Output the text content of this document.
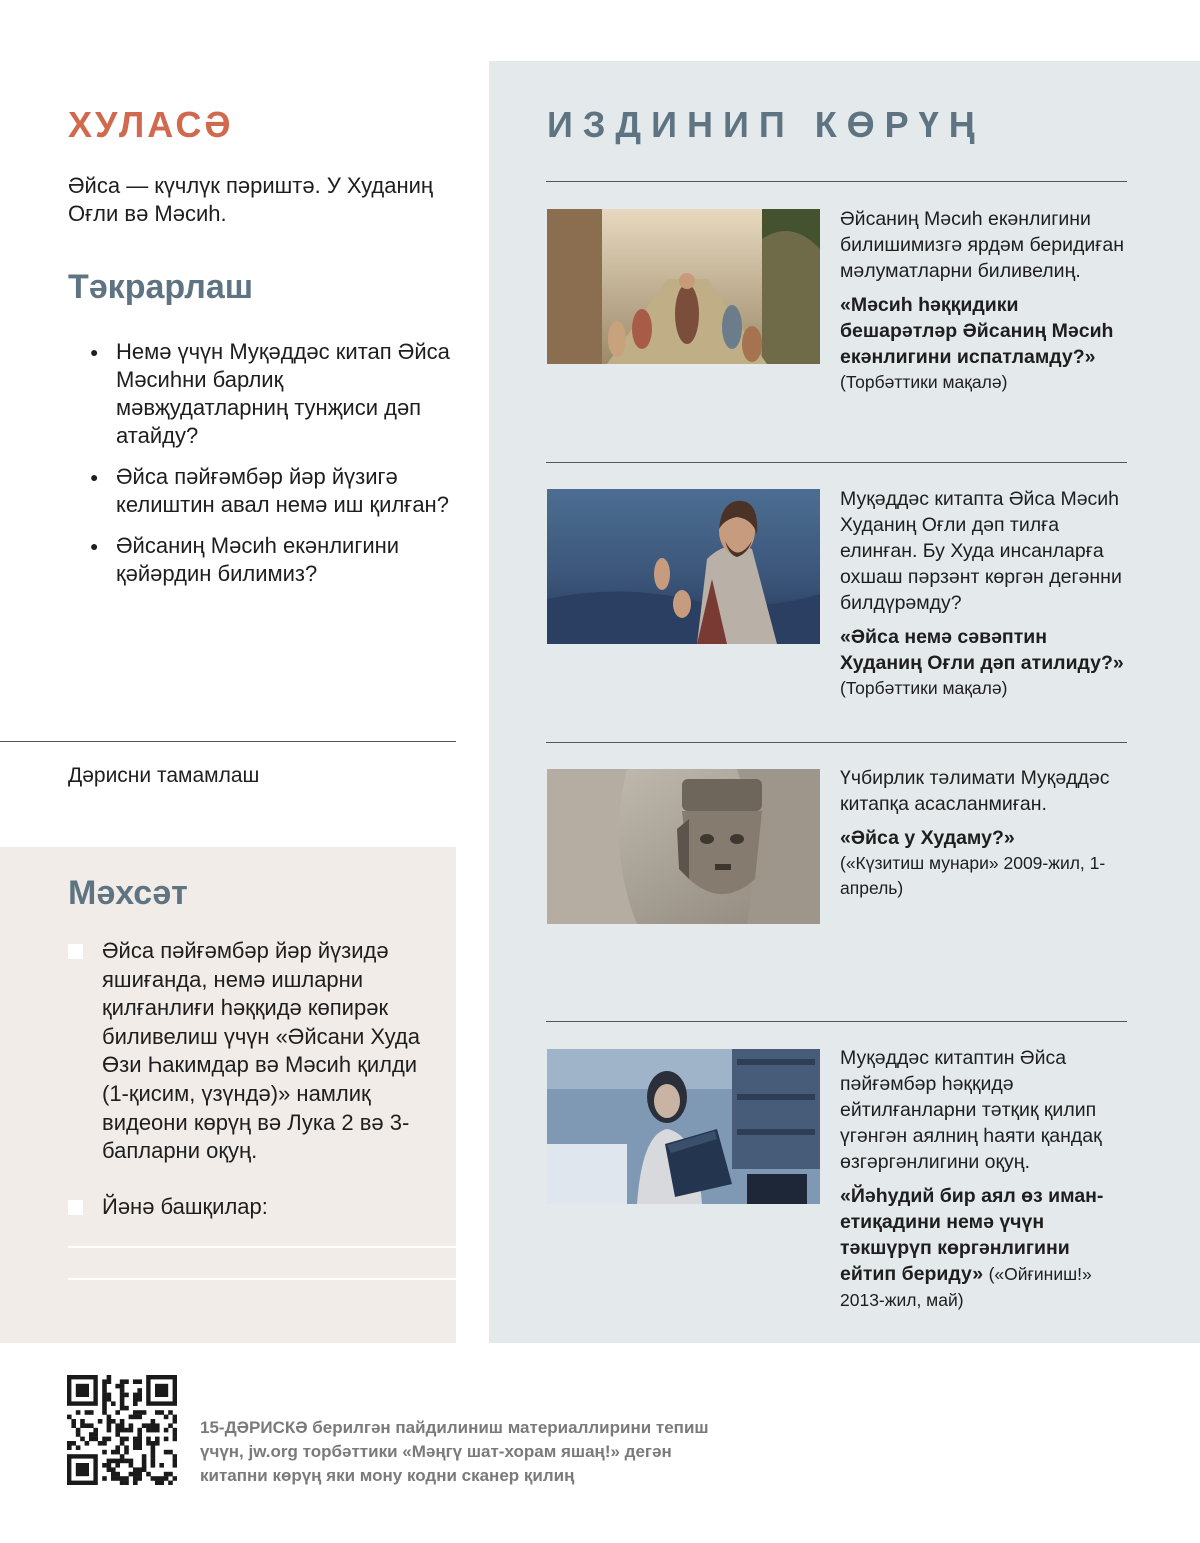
ХУЛАСӘ

Әйса — күчлүк пәриштә. У Худаниң Оғли вә Мәсиһ.

Тәкрарлаш
● Немә үчүн Муқәддәс китап Әйса Мәсиһни барлиқ мәвҗудатларниң тунҗиси дәп атайду?
● Әйса пәйғәмбәр йәр йүзигә келиштин авал немә иш қилған?
● Әйсаниң Мәсиһ екәнлигини қәйәрдин билимиз?
Дәрисни тамамлаш
Мәхсәт

Әйса пәйғәмбәр йәр йүзидә яшиғанда, немә ишларни қилғанлиғи һәққидә көпирәк биливелиш үчүн «Әйсани Худа Өзи Һакимдар вә Мәсиһ қилди (1-қисим, үзүндә)» намлиқ видеони көрүң вә Лука 2 вә 3-бапларни оқуң.

Йәнә башқилар:

ИЗДИНИП КӨРҮҢ
Әйсаниң Мәсиһ екәнлигини билишимизгә ярдәм беридиған мәлуматларни биливелиң.
«Мәсиһ һәққидики бешарәтләр Әйсаниң Мәсиһ екәнлигини испатламду?»
(Торбәттики мақалә)
Муқәддәс китапта Әйса Мәсиһ Худаниң Оғли дәп тилға елинған. Бу Худа инсанларға охшаш пәрзәнт көргән дегәнни билдүрәмду?
«Әйса немә сәвәптин Худаниң Оғли дәп атилиду?»
(Торбәттики мақалә)
Үчбирлик тәлимати Муқәддәс китапқа асасланмиған.
«Әйса у Худаму?»
(«Күзитиш мунари» 2009-жил, 1-апрель)
Муқәддәс китаптин Әйса пәйғәмбәр һәққидә ейтилғанларни тәтқиқ қилип үгәнгән аялниң һаяти қандақ өзгәргәнлигини оқуң.
«Йәһудий бир аял өз иман-етиқадини немә үчүн тәкшүрүп көргәнлигини ейтип бериду» («Ойғиниш!» 2013-жил, май)

15-ДӘРИСКӘ берилгән пайдилиниш материаллирини тепиш үчүн, jw.org торбәттики «Мәңгү шат-хорам яшаң!» дегән китапни көрүң яки мону кодни сканер қилиң
